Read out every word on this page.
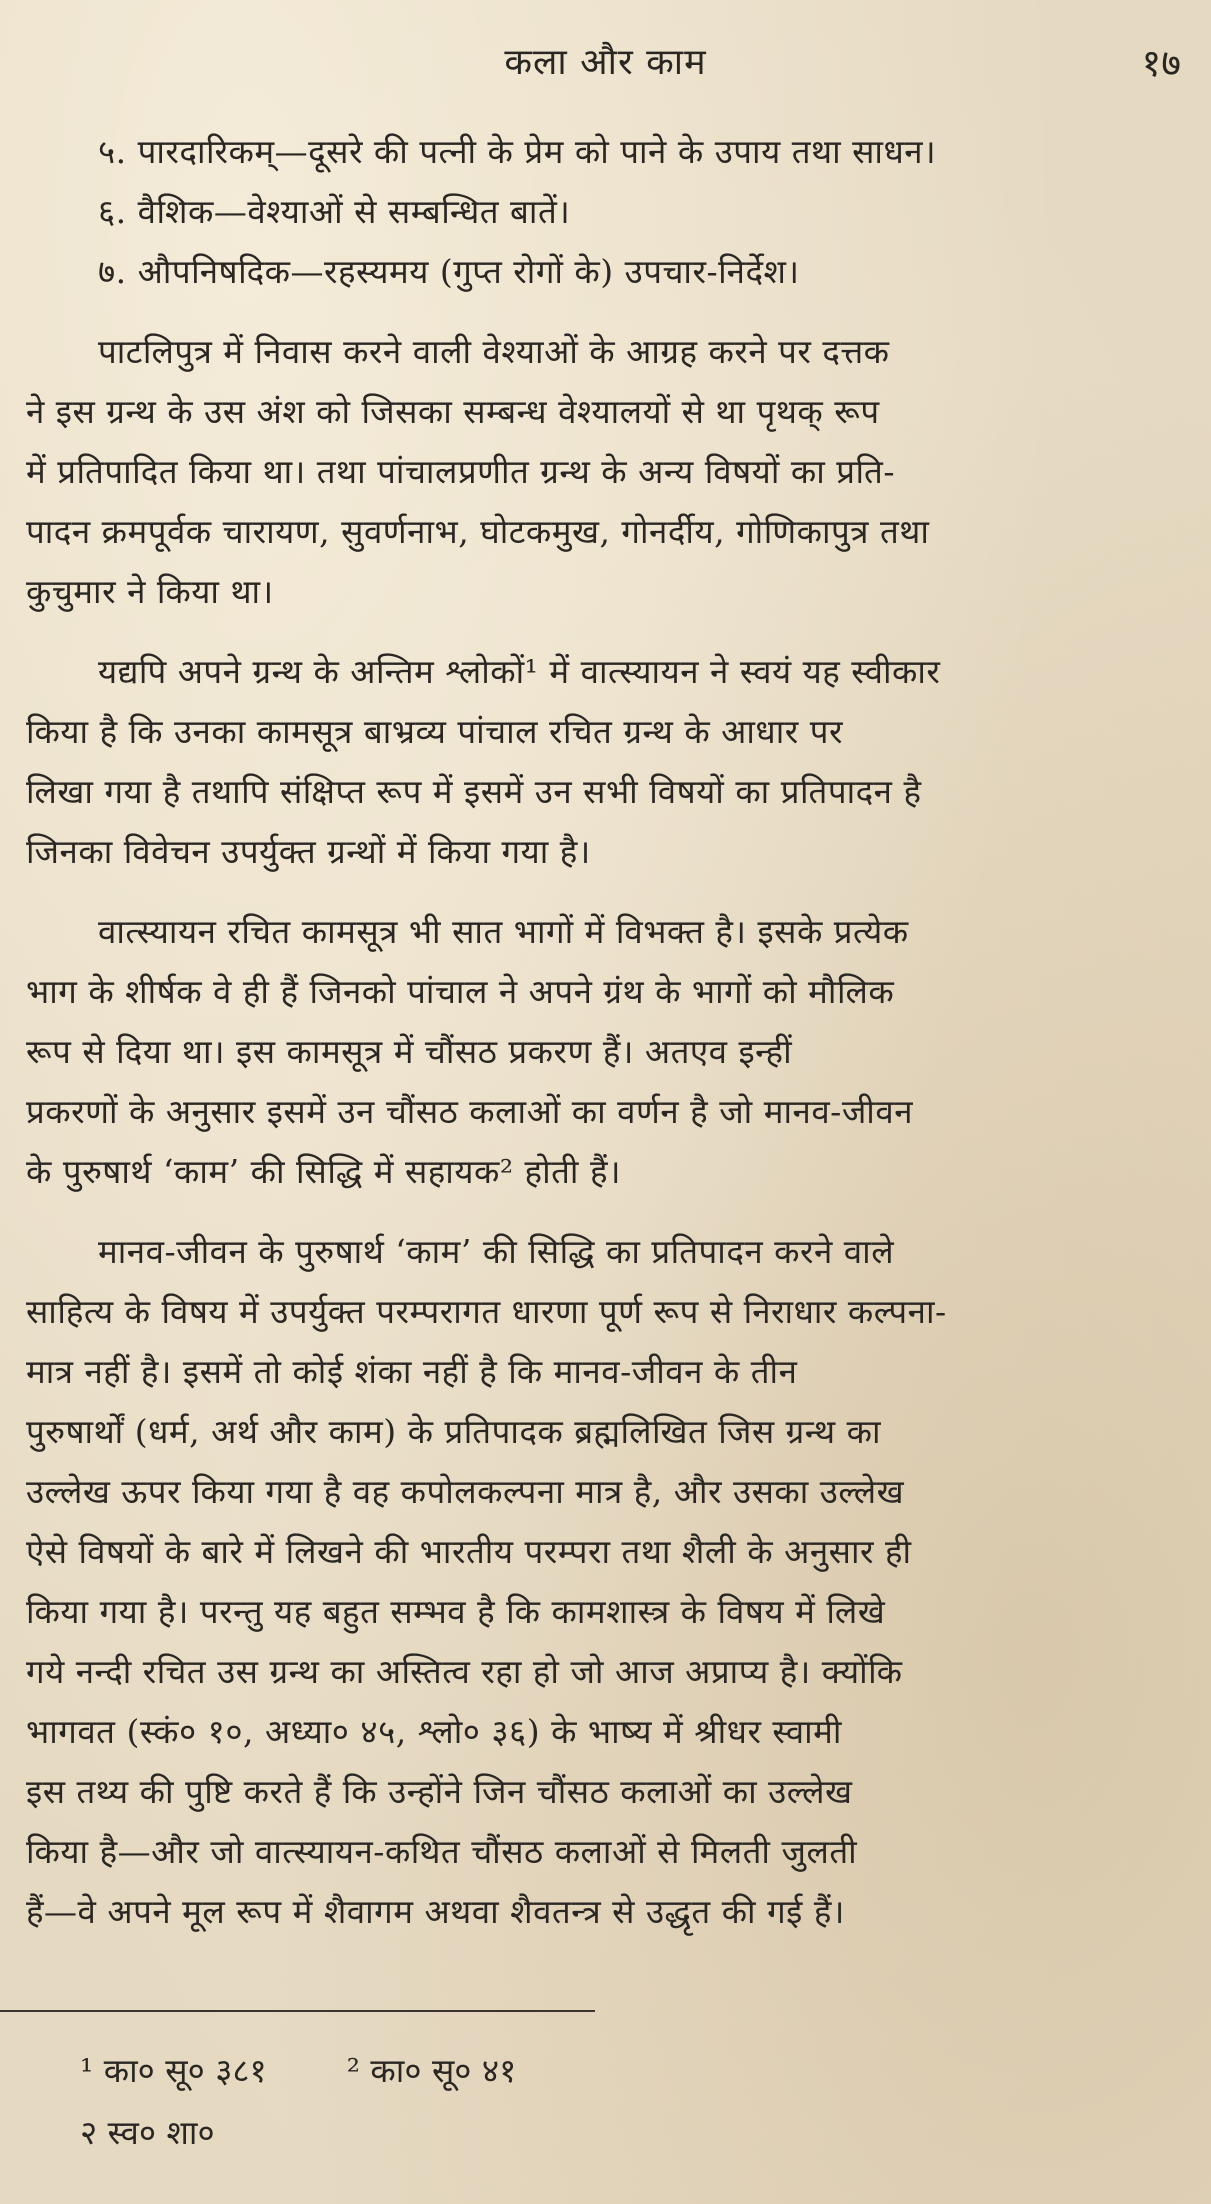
कला और काम	१७
५. पारदारिकम्—दूसरे की पत्नी के प्रेम को पाने के उपाय तथा साधन।
६. वैशिक—वेश्याओं से सम्बन्धित बातें।
७. औपनिषदिक—रहस्यमय (गुप्त रोगों के) उपचार-निर्देश।
पाटलिपुत्र में निवास करने वाली वेश्याओं के आग्रह करने पर दत्तक
ने इस ग्रन्थ के उस अंश को जिसका सम्बन्ध वेश्यालयों से था पृथक् रूप
में प्रतिपादित किया था। तथा पांचालप्रणीत ग्रन्थ के अन्य विषयों का प्रति-
पादन क्रमपूर्वक चारायण, सुवर्णनाभ, घोटकमुख, गोनर्दीय, गोणिकापुत्र तथा
कुचुमार ने किया था।
यद्यपि अपने ग्रन्थ के अन्तिम श्लोकों¹ में वात्स्यायन ने स्वयं यह स्वीकार
किया है कि उनका कामसूत्र बाभ्रव्य पांचाल रचित ग्रन्थ के आधार पर
लिखा गया है तथापि संक्षिप्त रूप में इसमें उन सभी विषयों का प्रतिपादन है
जिनका विवेचन उपर्युक्त ग्रन्थों में किया गया है।
वात्स्यायन रचित कामसूत्र भी सात भागों में विभक्त है। इसके प्रत्येक
भाग के शीर्षक वे ही हैं जिनको पांचाल ने अपने ग्रंथ के भागों को मौलिक
रूप से दिया था। इस कामसूत्र में चौंसठ प्रकरण हैं। अतएव इन्हीं
प्रकरणों के अनुसार इसमें उन चौंसठ कलाओं का वर्णन है जो मानव-जीवन
के पुरुषार्थ ‘काम’ की सिद्धि में सहायक² होती हैं।
मानव-जीवन के पुरुषार्थ ‘काम’ की सिद्धि का प्रतिपादन करने वाले
साहित्य के विषय में उपर्युक्त परम्परागत धारणा पूर्ण रूप से निराधार कल्पना-
मात्र नहीं है। इसमें तो कोई शंका नहीं है कि मानव-जीवन के तीन
पुरुषार्थों (धर्म, अर्थ और काम) के प्रतिपादक ब्रह्मलिखित जिस ग्रन्थ का
उल्लेख ऊपर किया गया है वह कपोलकल्पना मात्र है, और उसका उल्लेख
ऐसे विषयों के बारे में लिखने की भारतीय परम्परा तथा शैली के अनुसार ही
किया गया है। परन्तु यह बहुत सम्भव है कि कामशास्त्र के विषय में लिखे
गये नन्दी रचित उस ग्रन्थ का अस्तित्व रहा हो जो आज अप्राप्य है। क्योंकि
भागवत (स्कं० १०, अध्या० ४५, श्लो० ३६) के भाष्य में श्रीधर स्वामी
इस तथ्य की पुष्टि करते हैं कि उन्होंने जिन चौंसठ कलाओं का उल्लेख
किया है—और जो वात्स्यायन-कथित चौंसठ कलाओं से मिलती जुलती
हैं—वे अपने मूल रूप में शैवागम अथवा शैवतन्त्र से उद्धृत की गई हैं।
¹ का० सू० ३८१ ² का० सू० ४१
२ स्व० शा०
